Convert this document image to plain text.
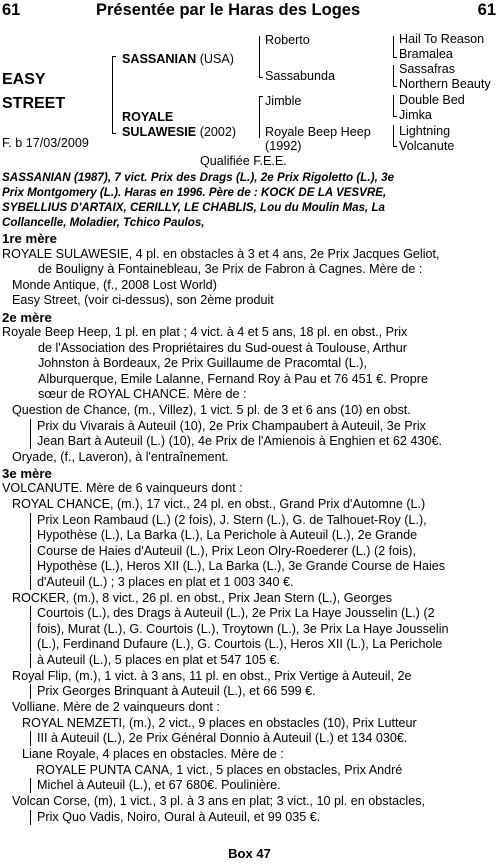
61	Présentée par le Haras des Loges	61
EASY
STREET
F. b 17/03/2009
SASSANIAN (USA)
ROYALE
SULAWESIE (2002)
Roberto
Sassabunda
Jimble
Royale Beep Heep
(1992)
Hail To Reason
Bramalea
Sassafras
Northern Beauty
Double Bed
Jimka
Lightning
Volcanute
Qualifiée F.E.E.
SASSANIAN (1987), 7 vict. Prix des Drags (L.), 2e Prix Rigoletto (L.), 3e
Prix Montgomery (L.). Haras en 1996. Père de : KOCK DE LA VESVRE,
SYBELLIUS D'ARTAIX, CERILLY, LE CHABLIS, Lou du Moulin Mas, La
Collancelle, Moladier, Tchico Paulos,
1re mère
ROYALE SULAWESIE, 4 pl. en obstacles à 3 et 4 ans, 2e Prix Jacques Geliot,
de Bouligny à Fontainebleau, 3e Prix de Fabron à Cagnes. Mère de :
Monde Antique, (f., 2008 Lost World)
Easy Street, (voir ci-dessus), son 2ème produit
2e mère
Royale Beep Heep, 1 pl. en plat ; 4 vict. à 4 et 5 ans, 18 pl. en obst., Prix
de l'Association des Propriétaires du Sud-ouest à Toulouse, Arthur
Johnston à Bordeaux, 2e Prix Guillaume de Pracomtal (L.),
Alburquerque, Emile Lalanne, Fernand Roy à Pau et 76 451 €. Propre
sœur de ROYAL CHANCE. Mère de :
Question de Chance, (m., Villez), 1 vict. 5 pl. de 3 et 6 ans (10) en obst.
Prix du Vivarais à Auteuil (10), 2e Prix Champaubert à Auteuil, 3e Prix
Jean Bart à Auteuil (L.) (10), 4e Prix de l'Amienois à Enghien et 62 430€.
Oryade, (f., Laveron), à l'entraînement.
3e mère
VOLCANUTE. Mère de 6 vainqueurs dont :
ROYAL CHANCE, (m.), 17 vict., 24 pl. en obst., Grand Prix d'Automne (L.)
Prix Leon Rambaud (L.) (2 fois), J. Stern (L.), G. de Talhouet-Roy (L.),
Hypothèse (L.), La Barka (L.), La Perichole à Auteuil (L.), 2e Grande
Course de Haies d'Auteuil (L.), Prix Leon Olry-Roederer (L.) (2 fois),
Hypothèse (L.), Heros XII (L.), La Barka (L.), 3e Grande Course de Haies
d'Auteuil (L.) ; 3 places en plat et 1 003 340 €.
ROCKER, (m.), 8 vict., 26 pl. en obst., Prix Jean Stern (L.), Georges
Courtois (L.), des Drags à Auteuil (L.), 2e Prix La Haye Jousselin (L.) (2
fois), Murat (L.), G. Courtois (L.), Troytown (L.), 3e Prix La Haye Jousselin
(L.), Ferdinand Dufaure (L.), G. Courtois (L.), Heros XII (L.), La Perichole
à Auteuil (L.), 5 places en plat et 547 105 €.
Royal Flip, (m.), 1 vict. à 3 ans, 11 pl. en obst., Prix Vertige à Auteuil, 2e
Prix Georges Brinquant à Auteuil (L.), et 66 599 €.
Volliane. Mère de 2 vainqueurs dont :
ROYAL NEMZETI, (m.), 2 vict., 9 places en obstacles (10), Prix Lutteur
III à Auteuil (L.), 2e Prix Général Donnio à Auteuil (L.) et 134 030€.
Liane Royale, 4 places en obstacles. Mère de :
ROYALE PUNTA CANA, 1 vict., 5 places en obstacles, Prix André
Michel à Auteuil (L.), et 67 680€. Poulinière.
Volcan Corse, (m), 1 vict., 3 pl. à 3 ans en plat; 3 vict., 10 pl. en obstacles,
Prix Quo Vadis, Noiro, Oural à Auteuil, et 99 035 €.
Box 47
